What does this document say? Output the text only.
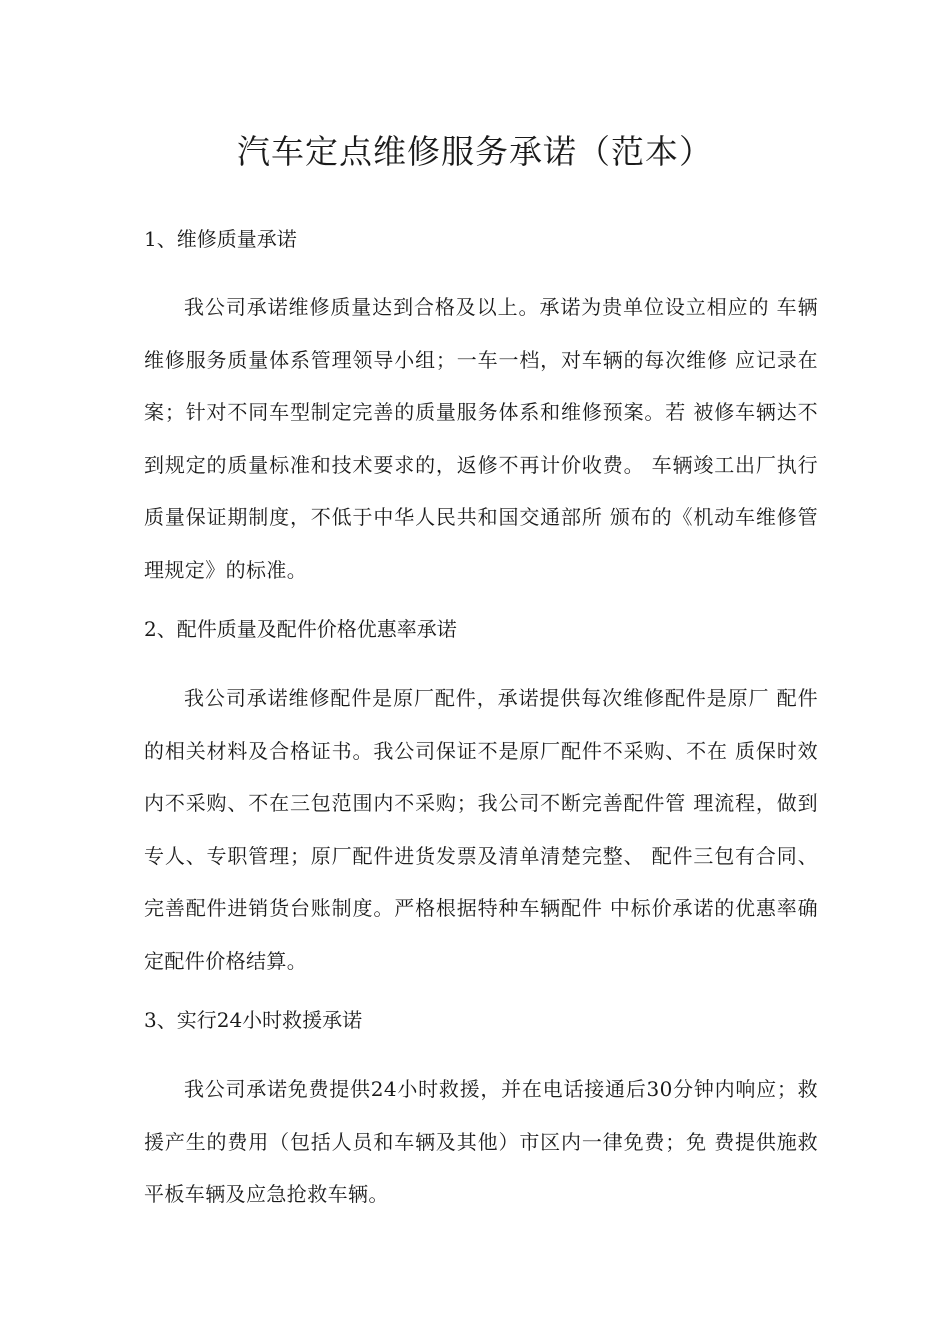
汽车定点维修服务承诺（范本）
1、维修质量承诺

我公司承诺维修质量达到合格及以上。承诺为贵单位设立相应的 车辆维修服务质量体系管理领导小组；一车一档，对车辆的每次维修 应记录在案；针对不同车型制定完善的质量服务体系和维修预案。若 被修车辆达不到规定的质量标准和技术要求的，返修不再计价收费。 车辆竣工出厂执行质量保证期制度，不低于中华人民共和国交通部所 颁布的《机动车维修管理规定》的标准。

2、配件质量及配件价格优惠率承诺

我公司承诺维修配件是原厂配件，承诺提供每次维修配件是原厂 配件的相关材料及合格证书。我公司保证不是原厂配件不采购、不在 质保时效内不采购、不在三包范围内不采购；我公司不断完善配件管 理流程，做到专人、专职管理；原厂配件进货发票及清单清楚完整、 配件三包有合同、完善配件进销货台账制度。严格根据特种车辆配件 中标价承诺的优惠率确定配件价格结算。

3、实行24小时救援承诺

我公司承诺免费提供24小时救援，并在电话接通后30分钟内响应；救援产生的费用（包括人员和车辆及其他）市区内一律免费；免 费提供施救平板车辆及应急抢救车辆。
